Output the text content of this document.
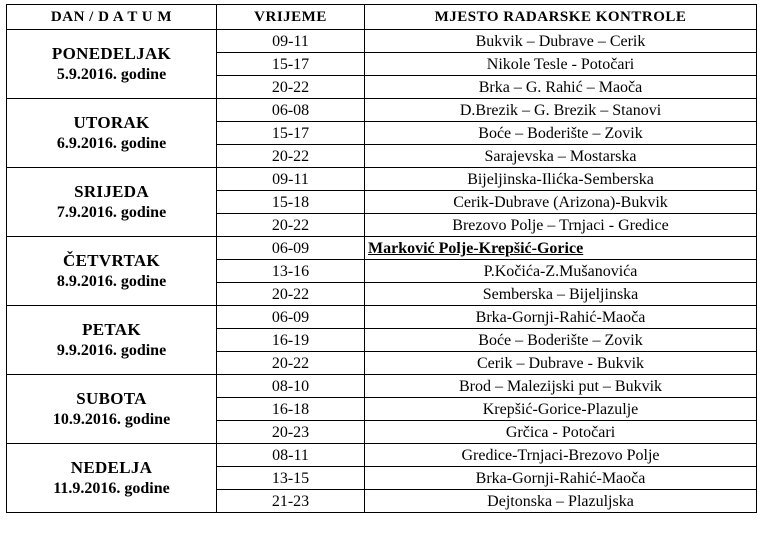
DAN / D A T U M	VRIJEME	MJESTO RADARSKE KONTROLE

PONEDELJAK
5.9.2016. godine	09-11	Bukvik – Dubrave – Cerik
	15-17	Nikole Tesle - Potočari
	20-22	Brka – G. Rahić – Maoča

UTORAK
6.9.2016. godine	06-08	D.Brezik – G. Brezik – Stanovi
	15-17	Boće – Boderište – Zovik
	20-22	Sarajevska – Mostarska

SRIJEDA
7.9.2016. godine	09-11	Bijeljinska-Ilićka-Semberska
	15-18	Cerik-Dubrave (Arizona)-Bukvik
	20-22	Brezovo Polje – Trnjaci - Gredice

ČETVRTAK
8.9.2016. godine	06-09	Marković Polje-Krepšić-Gorice
	13-16	P.Kočića-Z.Mušanovića
	20-22	Semberska – Bijeljinska

PETAK
9.9.2016. godine	06-09	Brka-Gornji-Rahić-Maoča
	16-19	Boće – Boderište – Zovik
	20-22	Cerik – Dubrave - Bukvik

SUBOTA
10.9.2016. godine	08-10	Brod – Malezijski put – Bukvik
	16-18	Krepšić-Gorice-Plazulje
	20-23	Grčica - Potočari

NEDELJA
11.9.2016. godine	08-11	Gredice-Trnjaci-Brezovo Polje
	13-15	Brka-Gornji-Rahić-Maoča
	21-23	Dejtonska – Plazuljska
